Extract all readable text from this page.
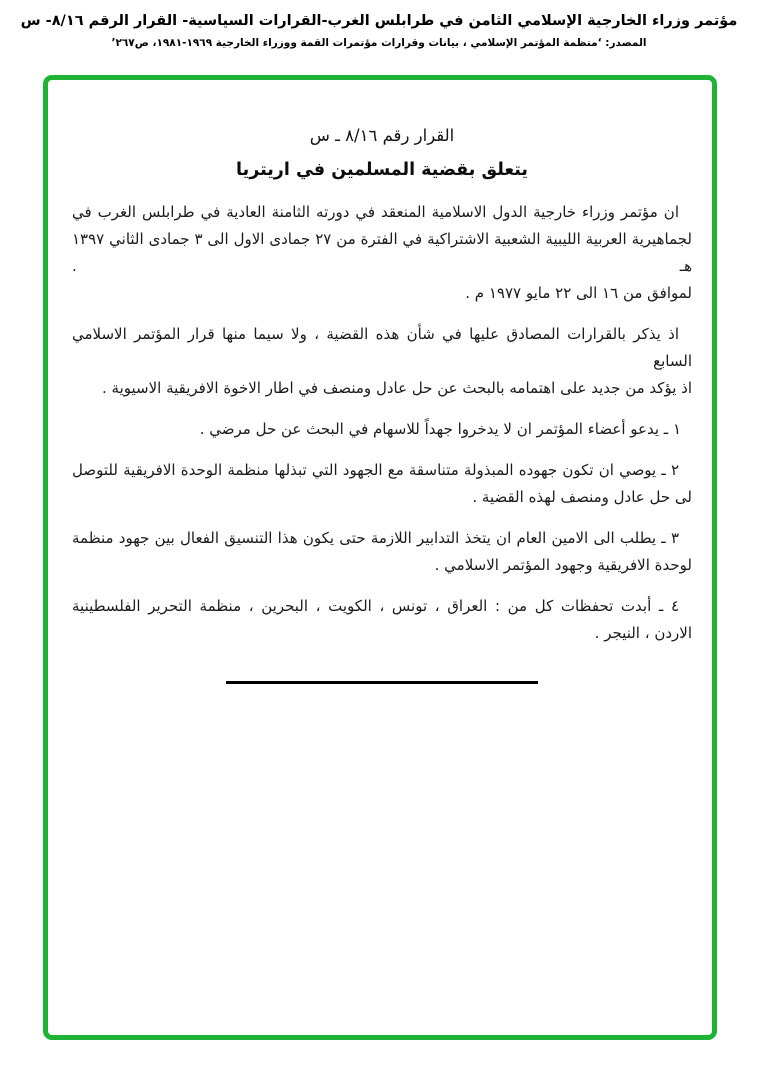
مؤتمر وزراء الخارجية الإسلامي الثامن في طرابلس الغرب-القرارات السياسية- القرار الرقم ٨/١٦- س
المصدر: ‘منظمة المؤتمر الإسلامي ، بيانات وقرارات مؤتمرات القمة ووزراء الخارجية ١٩٦٩-١٩٨١، ص٢٦٧’
القرار رقم ٨/١٦ ـ س
يتعلق بقضية المسلمين في اريتريا
ان مؤتمر وزراء خارجية الدول الاسلامية المنعقد في دورته الثامنة العادية في طرابلس الغرب في
لجماهيرية العربية الليبية الشعبية الاشتراكية في الفترة من ٢٧ جمادى الاول الى ٣ جمادى الثاني ١٣٩٧ هـ .
لموافق من ١٦ الى ٢٢ مايو ١٩٧٧ م .
اذ يذكر بالقرارات المصادق عليها في شأن هذه القضية ، ولا سيما منها قرار المؤتمر الاسلامي السابع
اذ يؤكد من جديد على اهتمامه بالبحث عن حل عادل ومنصف في اطار الاخوة الافريقية الاسيوية .
١ ـ يدعو أعضاء المؤتمر ان لا يدخروا جهداً للاسهام في البحث عن حل مرضي .
٢ ـ يوصي ان تكون جهوده المبذولة متناسقة مع الجهود التي تبذلها منظمة الوحدة الافريقية للتوصل
لى حل عادل ومنصف لهذه القضية .
٣ ـ يطلب الى الامين العام ان يتخذ التدابير اللازمة حتى يكون هذا التنسيق الفعال بين جهود منظمة
لوحدة الافريقية وجهود المؤتمر الاسلامي .
٤ ـ أبدت تحفظات كل من : العراق ، تونس ، الكويت ، البحرين ، منظمة التحرير الفلسطينية
الاردن ، النيجر .
